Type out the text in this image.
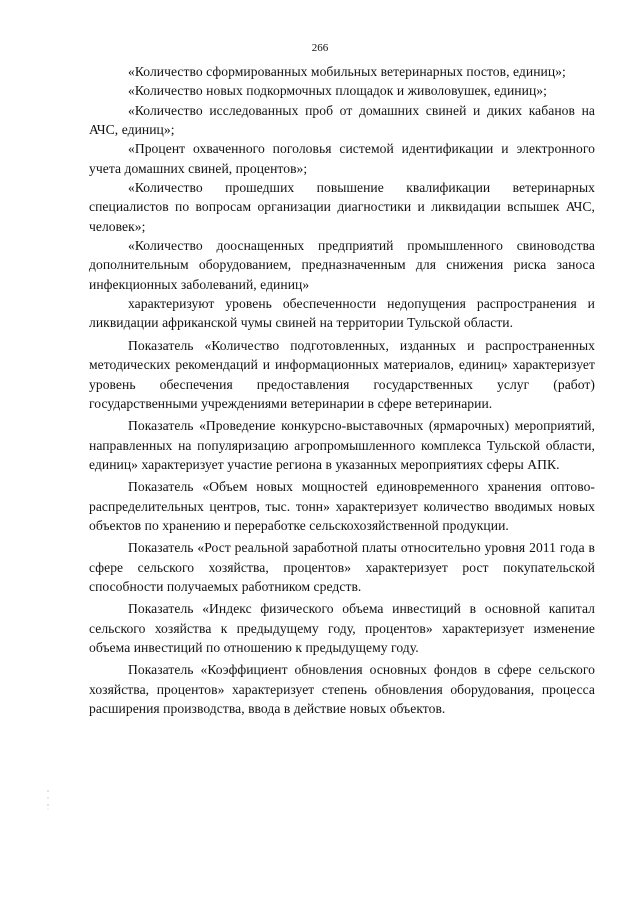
266

«Количество сформированных мобильных ветеринарных постов, единиц»;

«Количество новых подкормочных площадок и живоловушек, единиц»;

«Количество исследованных проб от домашних свиней и диких кабанов на АЧС, единиц»;

«Процент охваченного поголовья системой идентификации и электронного учета домашних свиней, процентов»;

«Количество прошедших повышение квалификации ветеринарных специалистов по вопросам организации диагностики и ликвидации вспышек АЧС, человек»;

«Количество дооснащенных предприятий промышленного свиноводства дополнительным оборудованием, предназначенным для снижения риска заноса инфекционных заболеваний, единиц»

характеризуют уровень обеспеченности недопущения распространения и ликвидации африканской чумы свиней на территории Тульской области.

Показатель «Количество подготовленных, изданных и распространенных методических рекомендаций и информационных материалов, единиц» характеризует уровень обеспечения предоставления государственных услуг (работ) государственными учреждениями ветеринарии в сфере ветеринарии.

Показатель «Проведение конкурсно-выставочных (ярмарочных) мероприятий, направленных на популяризацию агропромышленного комплекса Тульской области, единиц» характеризует участие региона в указанных мероприятиях сферы АПК.

Показатель «Объем новых мощностей единовременного хранения оптово-распределительных центров, тыс. тонн» характеризует количество вводимых новых объектов по хранению и переработке сельскохозяйственной продукции.

Показатель «Рост реальной заработной платы относительно уровня 2011 года в сфере сельского хозяйства, процентов» характеризует рост покупательской способности получаемых работником средств.

Показатель «Индекс физического объема инвестиций в основной капитал сельского хозяйства к предыдущему году, процентов» характеризует изменение объема инвестиций по отношению к предыдущему году.

Показатель «Коэффициент обновления основных фондов в сфере сельского хозяйства, процентов» характеризует степень обновления оборудования, процесса расширения производства, ввода в действие новых объектов.
